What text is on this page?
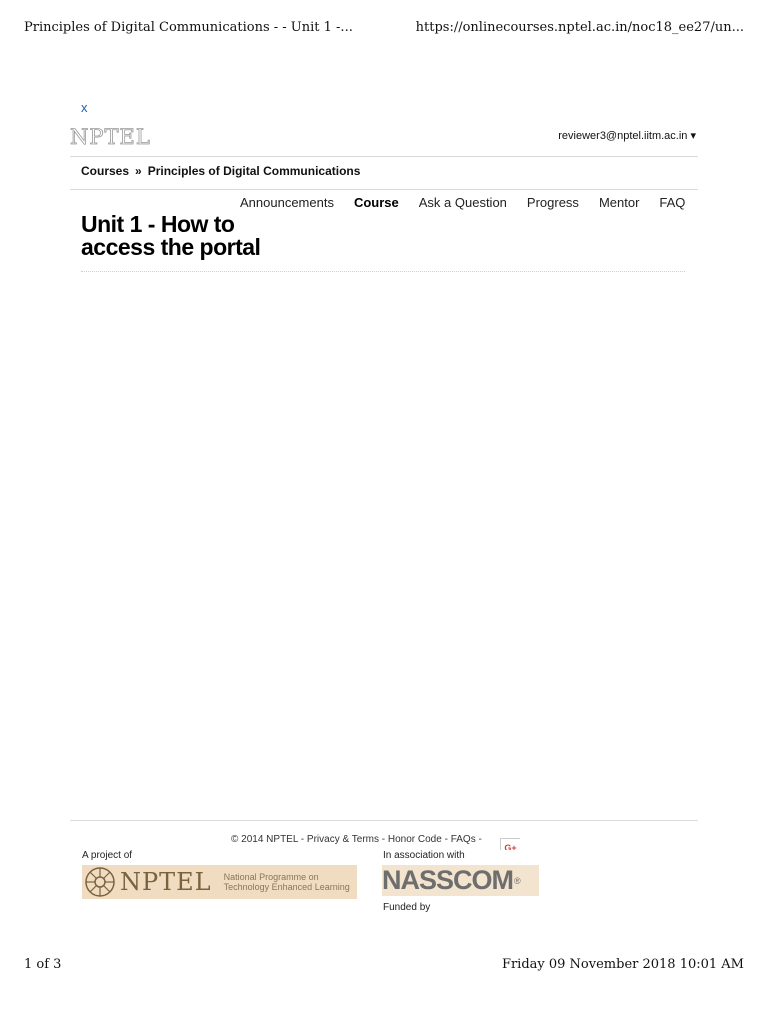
Principles of Digital Communications - - Unit 1 -...	https://onlinecourses.nptel.ac.in/noc18_ee27/un...
x
NPTEL	reviewer3@nptel.iitm.ac.in ▾
Courses » Principles of Digital Communications
Announcements Course Ask a Question Progress Mentor FAQ
Unit 1 - How to access the portal
© 2014 NPTEL - Privacy & Terms - Honor Code - FAQs -
G+
A project of	In association with
NPTEL National Programme on
Technology Enhanced Learning NASSCOM ®
Funded by
1 of 3	Friday 09 November 2018 10:01 AM
